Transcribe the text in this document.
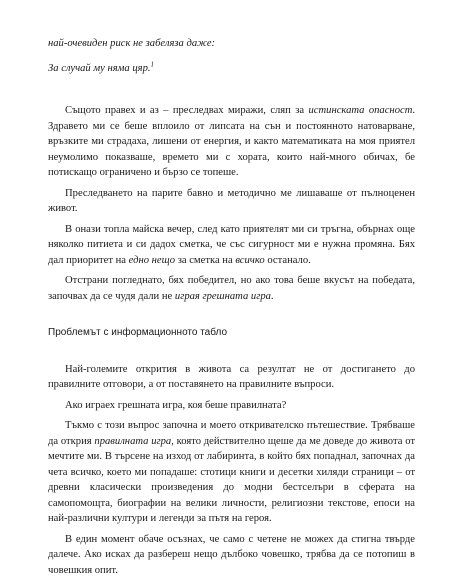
най-очевиден риск не забеляза даже:

За случай му няма цяр.$^1$

Същото правех и аз – преследвах миражи, сляп за истинската опасност. Здравето ми се беше вплоило от липсата на сън и постоянното натоварване, връзките ми страдаха, лишени от енергия, и както математиката на моя приятел неумолимо показваше, времето ми с хората, които най-много обичах, бе потискащо ограничено и бързо се топеше.

Преследването на парите бавно и методично ме лишаваше от пълноценен живот.

В онази топла майска вечер, след като приятелят ми си тръгна, обърнах още няколко питиета и си дадох сметка, че със сигурност ми е нужна промяна. Бях дал приоритет на едно нещо за сметка на всичко останало.

Отстрани погледнато, бях победител, но ако това беше вкусът на победата, започвах да се чудя дали не играя грешната игра.

Проблемът с информационното табло

Най-големите открития в живота са резултат не от достигането до правилните отговори, а от поставянето на правилните въпроси.

Ако играех грешната игра, коя беше правилната?

Тъкмо с този въпрос започна и моето откривателско пътешествие. Трябваше да открия правилната игра, която действително щеше да ме доведе до живота от мечтите ми. В търсене на изход от лабиринта, в който бях попаднал, започнах да чета всичко, което ми попадаше: стотици книги и десетки хиляди страници – от древни класически произведения до модни бестселъри в сферата на самопомощта, биографии на велики личности, религиозни текстове, епоси на най-различни култури и легенди за пътя на героя.

В един момент обаче осъзнах, че само с четене не можех да стигна твърде далече. Ако исках да разбереш нещо дълбоко човешко, трябва да се потопиш в човешкия опит.
